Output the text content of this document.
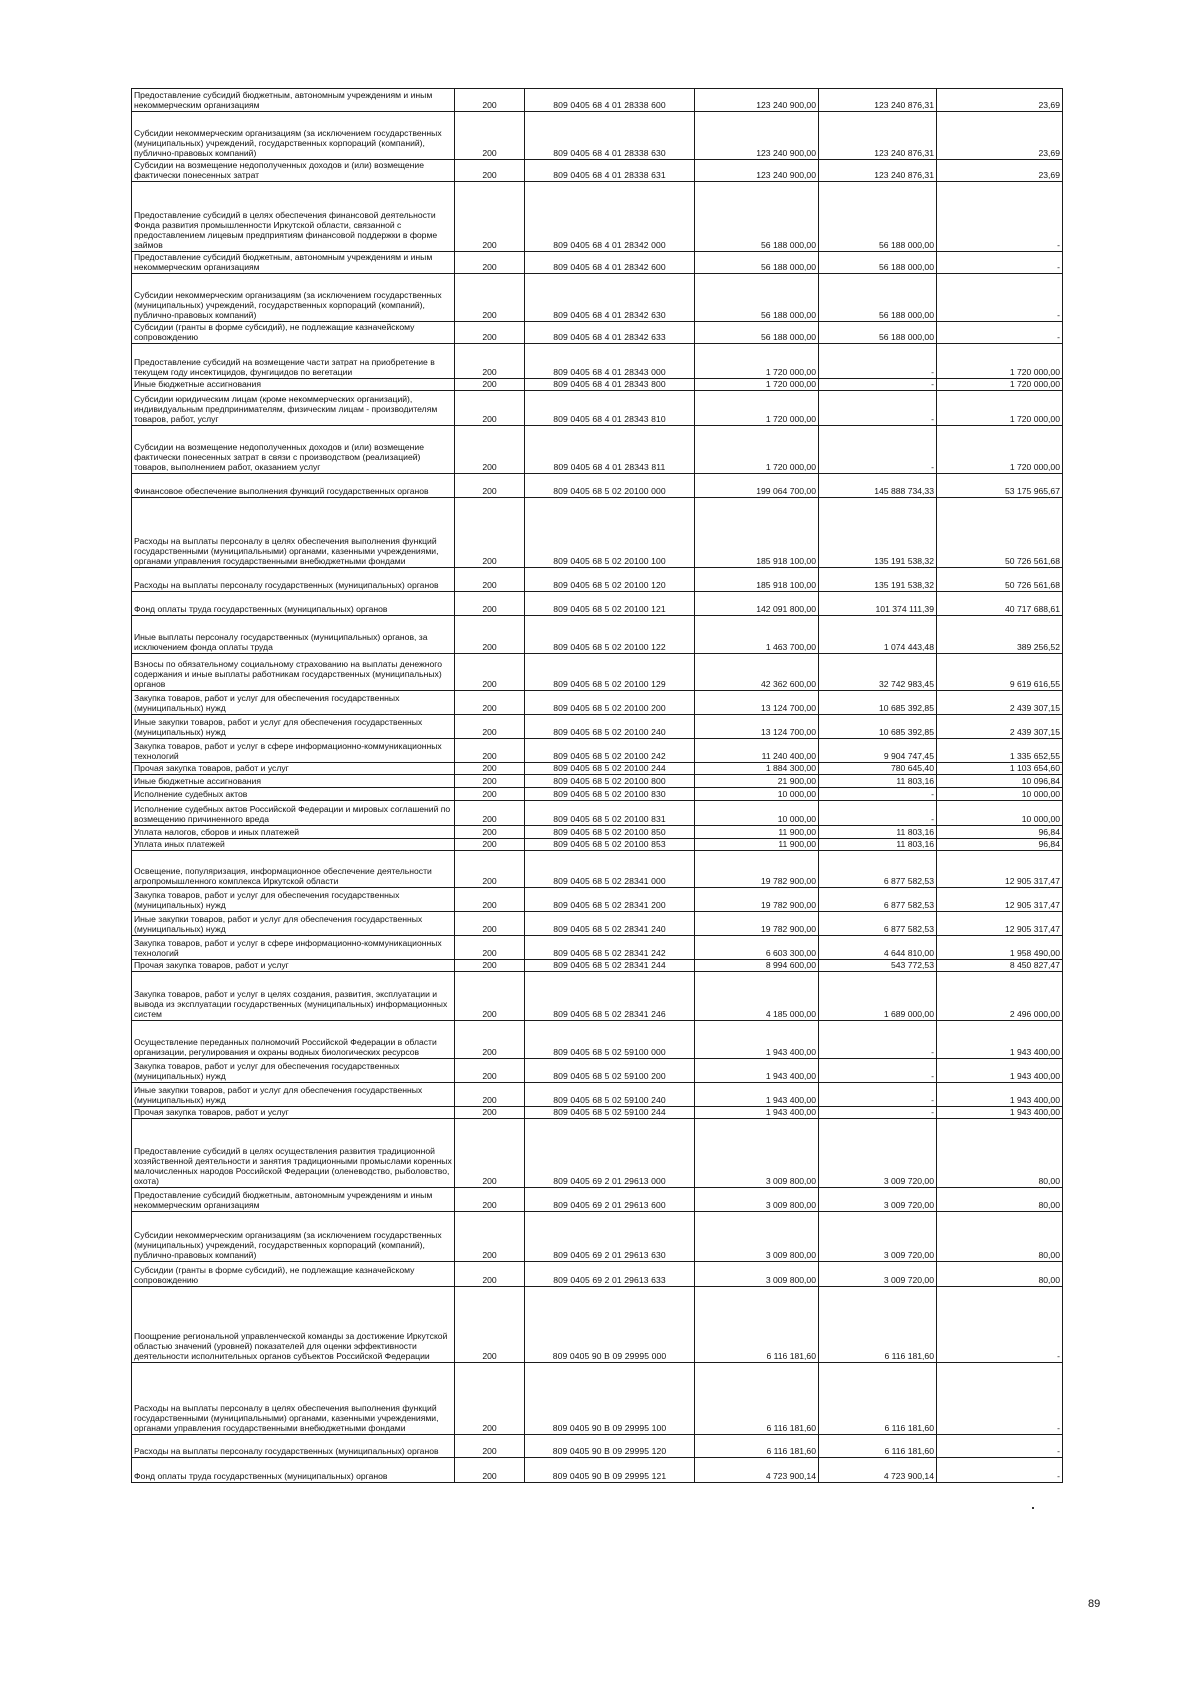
Предоставление субсидий бюджетным, автономным учреждениям и иным некоммерческим организациям	200	809 0405 68 4 01 28338 600	123 240 900,00	123 240 876,31	23,69
Субсидии некоммерческим организациям (за исключением государственных (муниципальных) учреждений, государственных корпораций (компаний), публично-правовых компаний)	200	809 0405 68 4 01 28338 630	123 240 900,00	123 240 876,31	23,69
Субсидии на возмещение недополученных доходов и (или) возмещение фактически понесенных затрат	200	809 0405 68 4 01 28338 631	123 240 900,00	123 240 876,31	23,69
Предоставление субсидий в целях обеспечения финансовой деятельности Фонда развития промышленности Иркутской области, связанной с предоставлением лицевым предприятиям финансовой поддержки в форме займов	200	809 0405 68 4 01 28342 000	56 188 000,00	56 188 000,00	-
Предоставление субсидий бюджетным, автономным учреждениям и иным некоммерческим организациям	200	809 0405 68 4 01 28342 600	56 188 000,00	56 188 000,00	-
Субсидии некоммерческим организациям (за исключением государственных (муниципальных) учреждений, государственных корпораций (компаний), публично-правовых компаний)	200	809 0405 68 4 01 28342 630	56 188 000,00	56 188 000,00	-
Субсидии (гранты в форме субсидий), не подлежащие казначейскому сопровождению	200	809 0405 68 4 01 28342 633	56 188 000,00	56 188 000,00	-
Предоставление субсидий на возмещение части затрат на приобретение в текущем году инсектицидов, фунгицидов по вегетации	200	809 0405 68 4 01 28343 000	1 720 000,00	-	1 720 000,00
Иные бюджетные ассигнования	200	809 0405 68 4 01 28343 800	1 720 000,00	-	1 720 000,00
Субсидии юридическим лицам (кроме некоммерческих организаций), индивидуальным предпринимателям, физическим лицам - производителям товаров, работ, услуг	200	809 0405 68 4 01 28343 810	1 720 000,00	-	1 720 000,00
Субсидии на возмещение недополученных доходов и (или) возмещение фактически понесенных затрат в связи с производством (реализацией) товаров, выполнением работ, оказанием услуг	200	809 0405 68 4 01 28343 811	1 720 000,00	-	1 720 000,00
Финансовое обеспечение выполнения функций государственных органов	200	809 0405 68 5 02 20100 000	199 064 700,00	145 888 734,33	53 175 965,67
Расходы на выплаты персоналу в целях обеспечения выполнения функций государственными (муниципальными) органами, казенными учреждениями, органами управления государственными внебюджетными фондами	200	809 0405 68 5 02 20100 100	185 918 100,00	135 191 538,32	50 726 561,68
Расходы на выплаты персоналу государственных (муниципальных) органов	200	809 0405 68 5 02 20100 120	185 918 100,00	135 191 538,32	50 726 561,68
Фонд оплаты труда государственных (муниципальных) органов	200	809 0405 68 5 02 20100 121	142 091 800,00	101 374 111,39	40 717 688,61
Иные выплаты персоналу государственных (муниципальных) органов, за исключением фонда оплаты труда	200	809 0405 68 5 02 20100 122	1 463 700,00	1 074 443,48	389 256,52
Взносы по обязательному социальному страхованию на выплаты денежного содержания и иные выплаты работникам государственных (муниципальных) органов	200	809 0405 68 5 02 20100 129	42 362 600,00	32 742 983,45	9 619 616,55
Закупка товаров, работ и услуг для обеспечения государственных (муниципальных) нужд	200	809 0405 68 5 02 20100 200	13 124 700,00	10 685 392,85	2 439 307,15
Иные закупки товаров, работ и услуг для обеспечения государственных (муниципальных) нужд	200	809 0405 68 5 02 20100 240	13 124 700,00	10 685 392,85	2 439 307,15
Закупка товаров, работ и услуг в сфере информационно-коммуникационных технологий	200	809 0405 68 5 02 20100 242	11 240 400,00	9 904 747,45	1 335 652,55
Прочая закупка товаров, работ и услуг	200	809 0405 68 5 02 20100 244	1 884 300,00	780 645,40	1 103 654,60
Иные бюджетные ассигнования	200	809 0405 68 5 02 20100 800	21 900,00	11 803,16	10 096,84
Исполнение судебных актов	200	809 0405 68 5 02 20100 830	10 000,00	-	10 000,00
Исполнение судебных актов Российской Федерации и мировых соглашений по возмещению причиненного вреда	200	809 0405 68 5 02 20100 831	10 000,00	-	10 000,00
Уплата налогов, сборов и иных платежей	200	809 0405 68 5 02 20100 850	11 900,00	11 803,16	96,84
Уплата иных платежей	200	809 0405 68 5 02 20100 853	11 900,00	11 803,16	96,84
Освещение, популяризация, информационное обеспечение деятельности агропромышленного комплекса Иркутской области	200	809 0405 68 5 02 28341 000	19 782 900,00	6 877 582,53	12 905 317,47
Закупка товаров, работ и услуг для обеспечения государственных (муниципальных) нужд	200	809 0405 68 5 02 28341 200	19 782 900,00	6 877 582,53	12 905 317,47
Иные закупки товаров, работ и услуг для обеспечения государственных (муниципальных) нужд	200	809 0405 68 5 02 28341 240	19 782 900,00	6 877 582,53	12 905 317,47
Закупка товаров, работ и услуг в сфере информационно-коммуникационных технологий	200	809 0405 68 5 02 28341 242	6 603 300,00	4 644 810,00	1 958 490,00
Прочая закупка товаров, работ и услуг	200	809 0405 68 5 02 28341 244	8 994 600,00	543 772,53	8 450 827,47
Закупка товаров, работ и услуг в целях создания, развития, эксплуатации и вывода из эксплуатации государственных (муниципальных) информационных систем	200	809 0405 68 5 02 28341 246	4 185 000,00	1 689 000,00	2 496 000,00
Осуществление переданных полномочий Российской Федерации в области организации, регулирования и охраны водных биологических ресурсов	200	809 0405 68 5 02 59100 000	1 943 400,00	-	1 943 400,00
Закупка товаров, работ и услуг для обеспечения государственных (муниципальных) нужд	200	809 0405 68 5 02 59100 200	1 943 400,00	-	1 943 400,00
Иные закупки товаров, работ и услуг для обеспечения государственных (муниципальных) нужд	200	809 0405 68 5 02 59100 240	1 943 400,00	-	1 943 400,00
Прочая закупка товаров, работ и услуг	200	809 0405 68 5 02 59100 244	1 943 400,00	-	1 943 400,00
Предоставление субсидий в целях осуществления развития традиционной хозяйственной деятельности и занятия традиционными промыслами коренных малочисленных народов Российской Федерации (оленеводство, рыболовство, охота)	200	809 0405 69 2 01 29613 000	3 009 800,00	3 009 720,00	80,00
Предоставление субсидий бюджетным, автономным учреждениям и иным некоммерческим организациям	200	809 0405 69 2 01 29613 600	3 009 800,00	3 009 720,00	80,00
Субсидии некоммерческим организациям (за исключением государственных (муниципальных) учреждений, государственных корпораций (компаний), публично-правовых компаний)	200	809 0405 69 2 01 29613 630	3 009 800,00	3 009 720,00	80,00
Субсидии (гранты в форме субсидий), не подлежащие казначейскому сопровождению	200	809 0405 69 2 01 29613 633	3 009 800,00	3 009 720,00	80,00
Поощрение региональной управленческой команды за достижение Иркутской областью значений (уровней) показателей для оценки эффективности деятельности исполнительных органов субъектов Российской Федерации	200	809 0405 90 В 09 29995 000	6 116 181,60	6 116 181,60	-
Расходы на выплаты персоналу в целях обеспечения выполнения функций государственными (муниципальными) органами, казенными учреждениями, органами управления государственными внебюджетными фондами	200	809 0405 90 В 09 29995 100	6 116 181,60	6 116 181,60	-
Расходы на выплаты персоналу государственных (муниципальных) органов	200	809 0405 90 В 09 29995 120	6 116 181,60	6 116 181,60	-
Фонд оплаты труда государственных (муниципальных) органов	200	809 0405 90 В 09 29995 121	4 723 900,14	4 723 900,14	-
89
